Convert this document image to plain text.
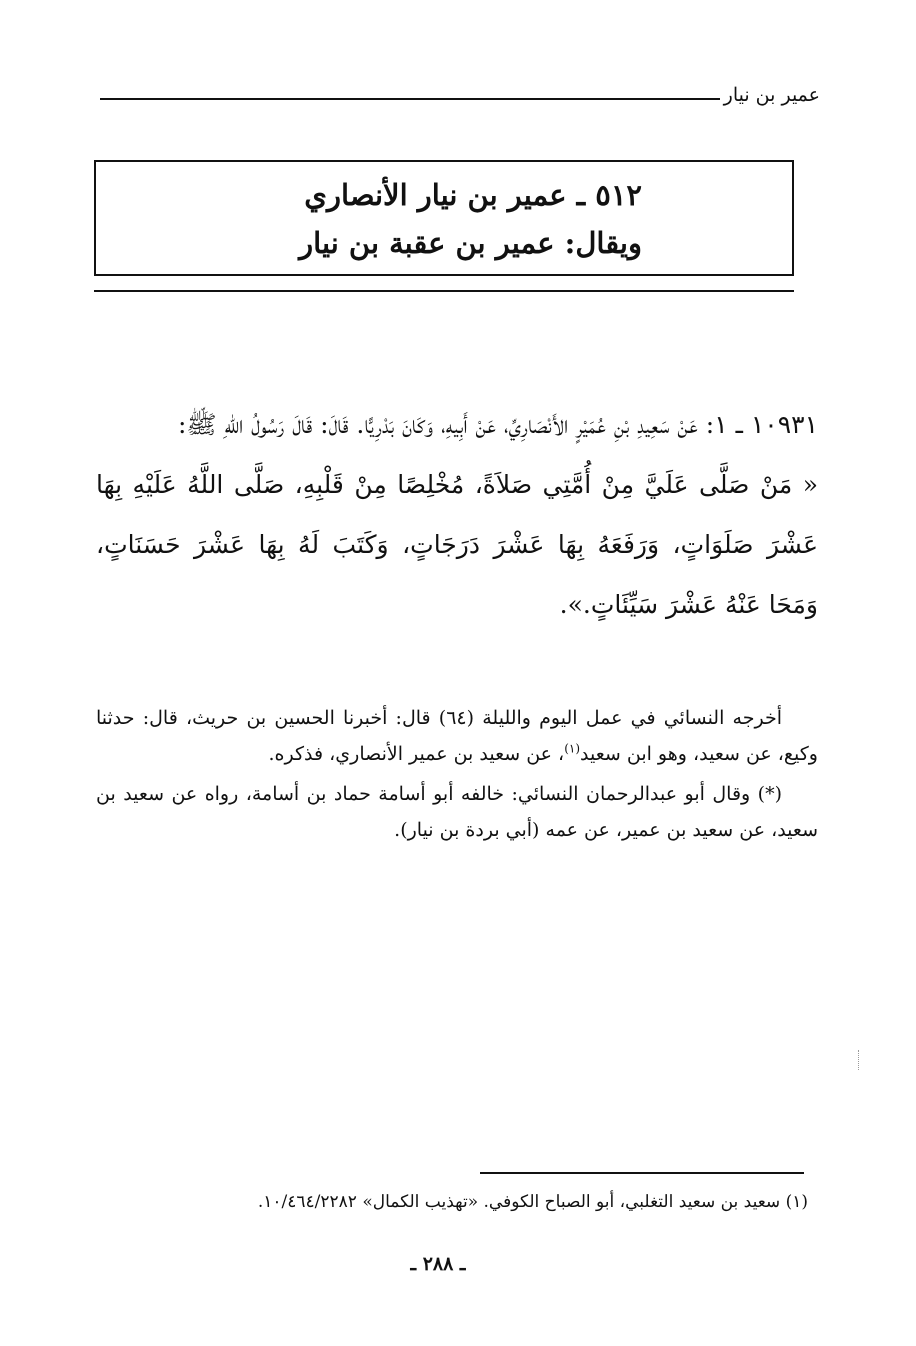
عمير بن نيار
٥١٢ ـ عمير بن نيار الأنصاري
ويقال: عمير بن عقبة بن نيار

١٠٩٣١ ـ ١: عَنْ سَعِيدِ بْنِ عُمَيْرٍ الأَنْصَارِيِّ، عَنْ أَبِيهِ، وَكَانَ بَدْرِيًّا. قَالَ: قَالَ رَسُولُ اللهِ ﷺ:

« مَنْ صَلَّى عَلَيَّ مِنْ أُمَّتِي صَلاَةً، مُخْلِصًا مِنْ قَلْبِهِ، صَلَّى اللَّهُ عَلَيْهِ بِهَا عَشْرَ صَلَوَاتٍ، وَرَفَعَهُ بِهَا عَشْرَ دَرَجَاتٍ، وَكَتَبَ لَهُ بِهَا عَشْرَ حَسَنَاتٍ، وَمَحَا عَنْهُ عَشْرَ سَيِّئَاتٍ.».

أخرجه النسائي في عمل اليوم والليلة (٦٤) قال: أخبرنا الحسين بن حريث، قال: حدثنا وكيع، عن سعيد، وهو ابن سعيد$^{(١)}$، عن سعيد بن عمير الأنصاري، فذكره.

(*) وقال أبو عبدالرحمان النسائي: خالفه أبو أسامة حماد بن أسامة، رواه عن سعيد بن سعيد، عن سعيد بن عمير، عن عمه (أبي بردة بن نيار).

(١) سعيد بن سعيد التغلبي، أبو الصباح الكوفي. «تهذيب الكمال» ١٠/٤٦٤/٢٢٨٢.
ـ ٢٨٨ ـ
